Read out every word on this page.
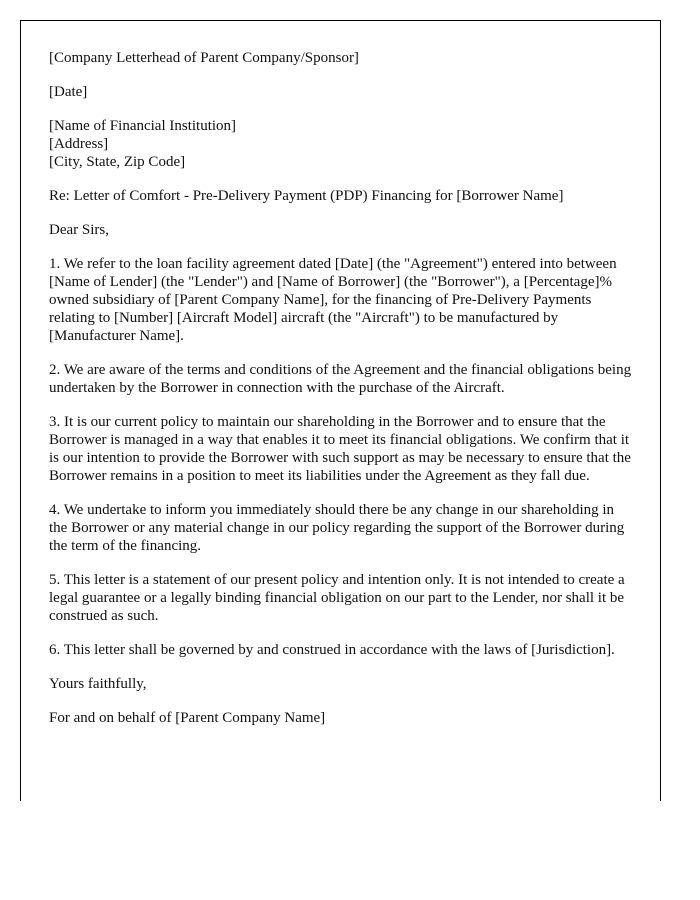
[Company Letterhead of Parent Company/Sponsor]

[Date]

[Name of Financial Institution]
[Address]
[City, State, Zip Code]

Re: Letter of Comfort - Pre-Delivery Payment (PDP) Financing for [Borrower Name]

Dear Sirs,

1. We refer to the loan facility agreement dated [Date] (the "Agreement") entered into between [Name of Lender] (the "Lender") and [Name of Borrower] (the "Borrower"), a [Percentage]% owned subsidiary of [Parent Company Name], for the financing of Pre-Delivery Payments relating to [Number] [Aircraft Model] aircraft (the "Aircraft") to be manufactured by [Manufacturer Name].

2. We are aware of the terms and conditions of the Agreement and the financial obligations being undertaken by the Borrower in connection with the purchase of the Aircraft.

3. It is our current policy to maintain our shareholding in the Borrower and to ensure that the Borrower is managed in a way that enables it to meet its financial obligations. We confirm that it is our intention to provide the Borrower with such support as may be necessary to ensure that the Borrower remains in a position to meet its liabilities under the Agreement as they fall due.

4. We undertake to inform you immediately should there be any change in our shareholding in the Borrower or any material change in our policy regarding the support of the Borrower during the term of the financing.

5. This letter is a statement of our present policy and intention only. It is not intended to create a legal guarantee or a legally binding financial obligation on our part to the Lender, nor shall it be construed as such.

6. This letter shall be governed by and construed in accordance with the laws of [Jurisdiction].

Yours faithfully,

For and on behalf of [Parent Company Name]
